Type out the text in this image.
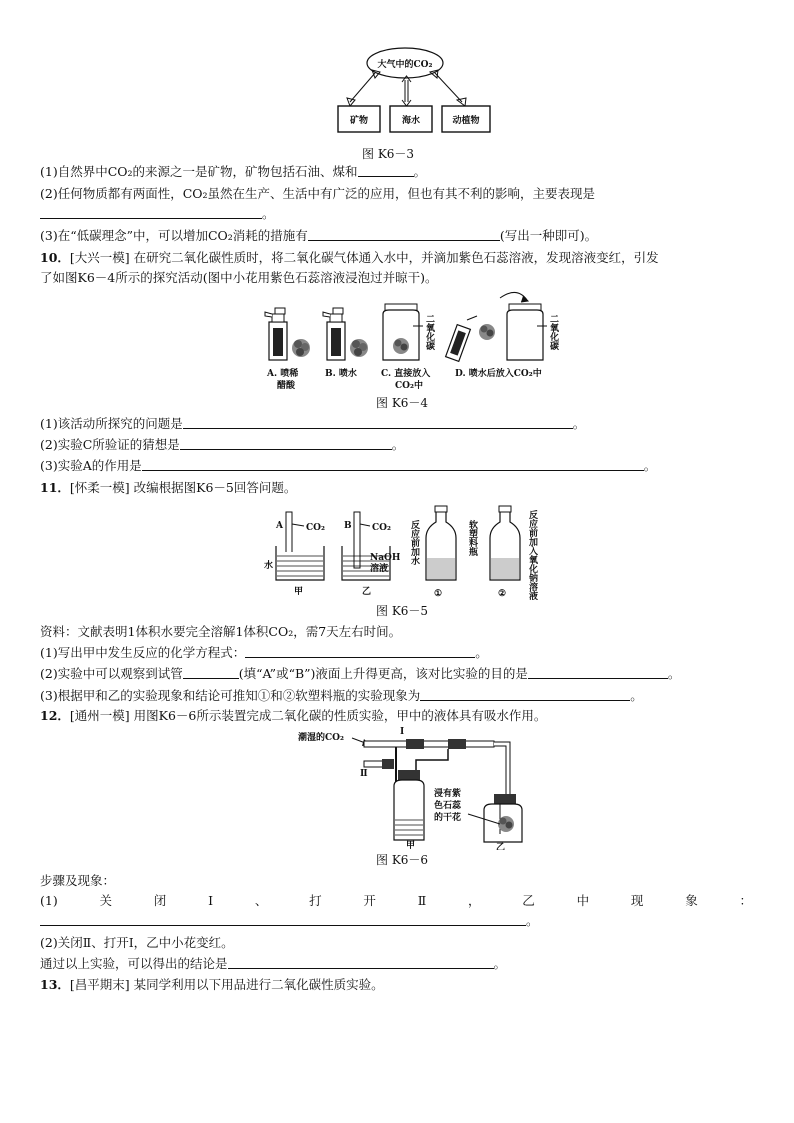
大气中的CO₂
矿物	海水	动植物
图 K6－3
(1)自然界中CO₂的来源之一是矿物，矿物包括石油、煤和	。
(2)任何物质都有两面性，CO₂虽然在生产、生活中有广泛的应用，但也有其不利的影响，主要表现是
。
(3)在“低碳理念”中，可以增加CO₂消耗的措施有	(写出一种即可)。
10．[大兴一模] 在研究二氧化碳性质时，将二氧化碳气体通入水中，并滴加紫色石蕊溶液，发现溶液变红，引发
了如图K6－4所示的探究活动(图中小花用紫色石蕊溶液浸泡过并晾干)。
二氧化碳	二氧化碳
A. 喷稀
醋酸
B. 喷水	C. 直接放入
CO₂中
D. 喷水后放入CO₂中
图 K6－4
(1)该活动所探究的问题是	。
(2)实验C所验证的猜想是	。
(3)实验A的作用是	。
11．[怀柔一模] 改编根据图K6－5回答问题。
A	CO₂
水
甲
B CO₂
NaOH
溶液
乙
反应前加水
①
软塑料瓶
② 反应前加入氧化钠溶液
图 K6－5
资料：文献表明1体积水要完全溶解1体积CO₂，需7天左右时间。
(1)写出甲中发生反应的化学方程式：	。
(2)实验中可以观察到试管	(填“A”或“B”)液面上升得更高，该对比实验的目的是	。
(3)根据甲和乙的实验现象和结论可推知①和②软塑料瓶的实验现象为	。
12．[通州一模] 用图K6－6所示装置完成二氧化碳的性质实验，甲中的液体具有吸水作用。
潮湿的CO₂
Ⅰ
Ⅱ
甲
浸有紫
色石蕊
的干花
乙
图 K6－6
步骤及现象：
(1)	关	闭	Ⅰ	、	打	开	Ⅱ	，	乙	中	现	象	：
。
(2)关闭Ⅱ、打开Ⅰ，乙中小花变红。
通过以上实验，可以得出的结论是	。
13．[昌平期末] 某同学利用以下用品进行二氧化碳性质实验。
